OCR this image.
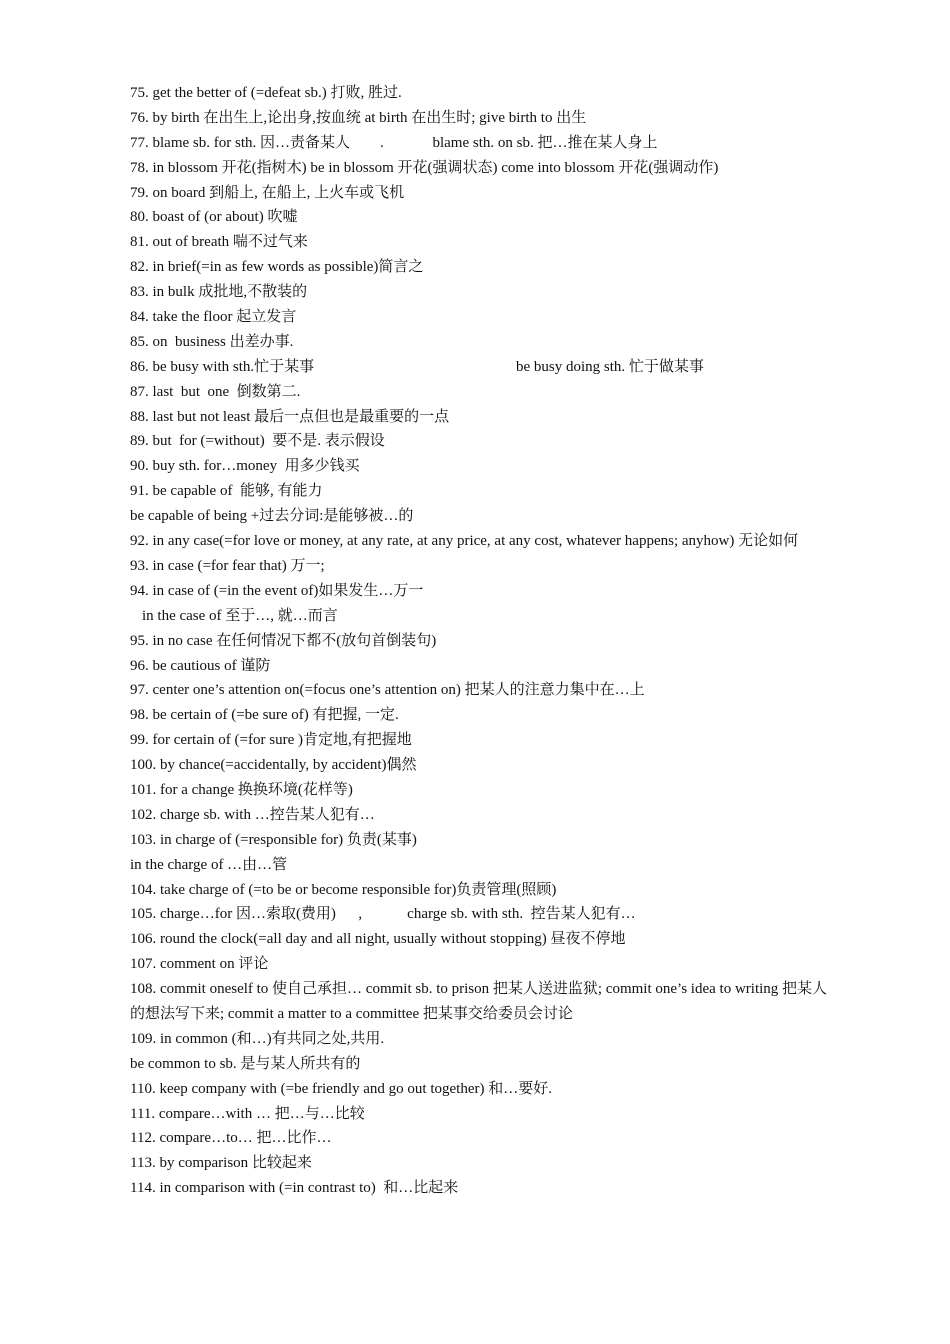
75. get the better of (=defeat sb.) 打败, 胜过.
76. by birth 在出生上,论出身,按血统 at birth 在出生时; give birth to 出生
77. blame sb. for sth. 因…责备某人        .             blame sth. on sb. 把…推在某人身上
78. in blossom 开花(指树木) be in blossom 开花(强调状态) come into blossom 开花(强调动作)
79. on board 到船上, 在船上, 上火车或飞机
80. boast of (or about) 吹嘘
81. out of breath 喘不过气来
82. in brief(=in as few words as possible)简言之
83. in bulk 成批地,不散装的
84. take the floor 起立发言
85. on  business 出差办事.
86. be busy with sth.忙于某事	be busy doing sth. 忙于做某事
87. last  but  one  倒数第二.
88. last but not least 最后一点但也是最重要的一点
89. but  for (=without)  要不是. 表示假设
90. buy sth. for…money  用多少钱买
91. be capable of  能够, 有能力
be capable of being +过去分词:是能够被…的
92. in any case(=for love or money, at any rate, at any price, at any cost, whatever happens; anyhow) 无论如何
93. in case (=for fear that) 万一;
94. in case of (=in the event of)如果发生…万一
in the case of 至于…, 就…而言
95. in no case 在任何情况下都不(放句首倒装句)
96. be cautious of 谨防
97. center one’s attention on(=focus one’s attention on) 把某人的注意力集中在…上
98. be certain of (=be sure of) 有把握, 一定.
99. for certain of (=for sure )肯定地,有把握地
100. by chance(=accidentally, by accident)偶然
101. for a change 换换环境(花样等)
102. charge sb. with …控告某人犯有…
103. in charge of (=responsible for) 负责(某事)
in the charge of …由…管
104. take charge of (=to be or become responsible for)负责管理(照顾)
105. charge…for 因…索取(费用)      ,            charge sb. with sth.  控告某人犯有…
106. round the clock(=all day and all night, usually without stopping) 昼夜不停地
107. comment on 评论
108. commit oneself to 使自己承担… commit sb. to prison 把某人送进监狱; commit one’s idea to writing 把某人的想法写下来; commit a matter to a committee 把某事交给委员会讨论
109. in common (和…)有共同之处,共用.
be common to sb. 是与某人所共有的
110. keep company with (=be friendly and go out together) 和…要好.
111. compare…with … 把…与…比较
112. compare…to… 把…比作…
113. by comparison 比较起来
114. in comparison with (=in contrast to)  和…比起来
